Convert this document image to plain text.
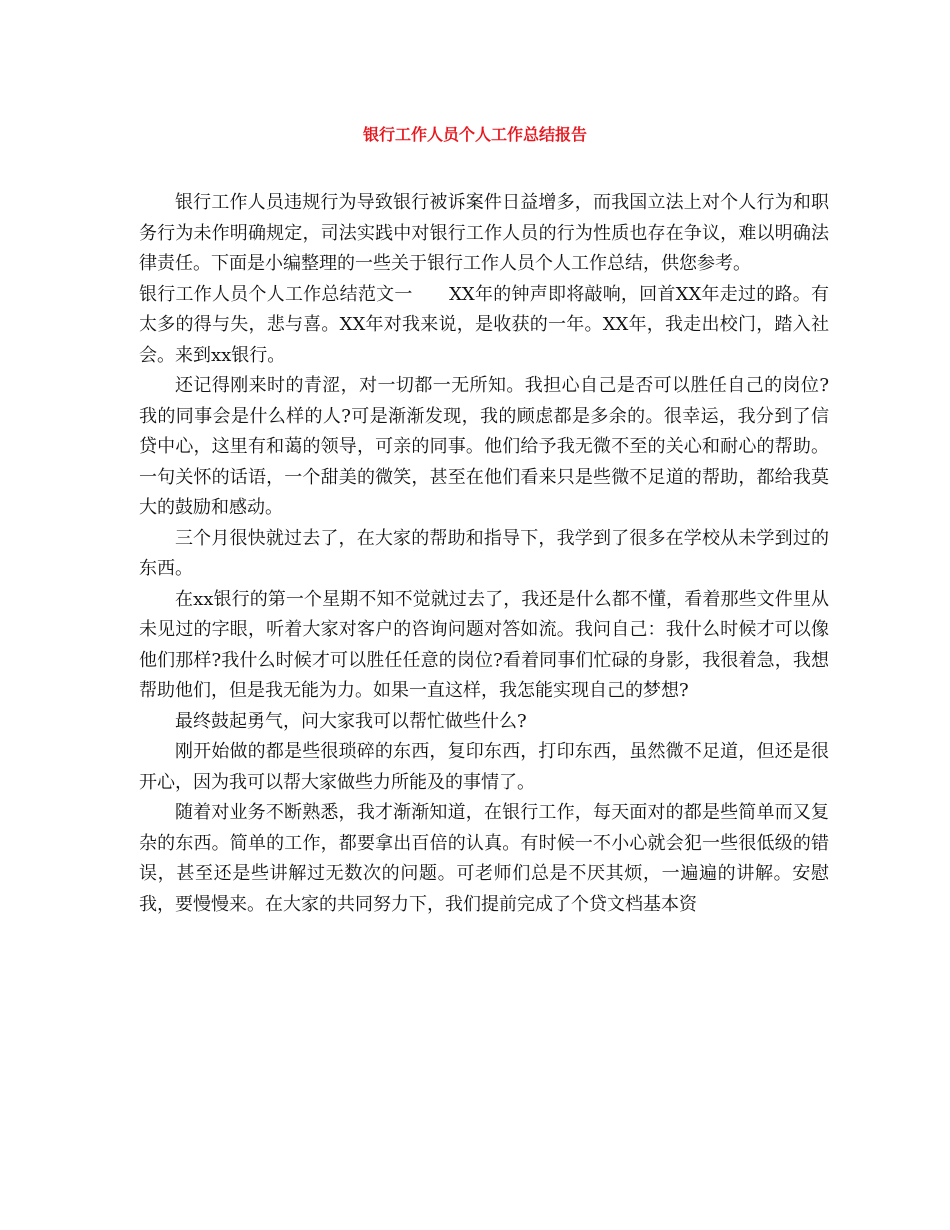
银行工作人员个人工作总结报告

银行工作人员违规行为导致银行被诉案件日益增多，而我国立法上对个人行为和职务行为未作明确规定，司法实践中对银行工作人员的行为性质也存在争议，难以明确法律责任。下面是小编整理的一些关于银行工作人员个人工作总结，供您参考。

银行工作人员个人工作总结范文一　　XX年的钟声即将敲响，回首XX年走过的路。有太多的得与失，悲与喜。XX年对我来说，是收获的一年。XX年，我走出校门，踏入社会。来到xx银行。

还记得刚来时的青涩，对一切都一无所知。我担心自己是否可以胜任自己的岗位?我的同事会是什么样的人?可是渐渐发现，我的顾虑都是多余的。很幸运，我分到了信贷中心，这里有和蔼的领导，可亲的同事。他们给予我无微不至的关心和耐心的帮助。一句关怀的话语，一个甜美的微笑，甚至在他们看来只是些微不足道的帮助，都给我莫大的鼓励和感动。

三个月很快就过去了，在大家的帮助和指导下，我学到了很多在学校从未学到过的东西。

在xx银行的第一个星期不知不觉就过去了，我还是什么都不懂，看着那些文件里从未见过的字眼，听着大家对客户的咨询问题对答如流。我问自己：我什么时候才可以像他们那样?我什么时候才可以胜任任意的岗位?看着同事们忙碌的身影，我很着急，我想帮助他们，但是我无能为力。如果一直这样，我怎能实现自己的梦想?

最终鼓起勇气，问大家我可以帮忙做些什么?

刚开始做的都是些很琐碎的东西，复印东西，打印东西，虽然微不足道，但还是很开心，因为我可以帮大家做些力所能及的事情了。

随着对业务不断熟悉，我才渐渐知道，在银行工作，每天面对的都是些简单而又复杂的东西。简单的工作，都要拿出百倍的认真。有时候一不小心就会犯一些很低级的错误，甚至还是些讲解过无数次的问题。可老师们总是不厌其烦，一遍遍的讲解。安慰我，要慢慢来。在大家的共同努力下，我们提前完成了个贷文档基本资
